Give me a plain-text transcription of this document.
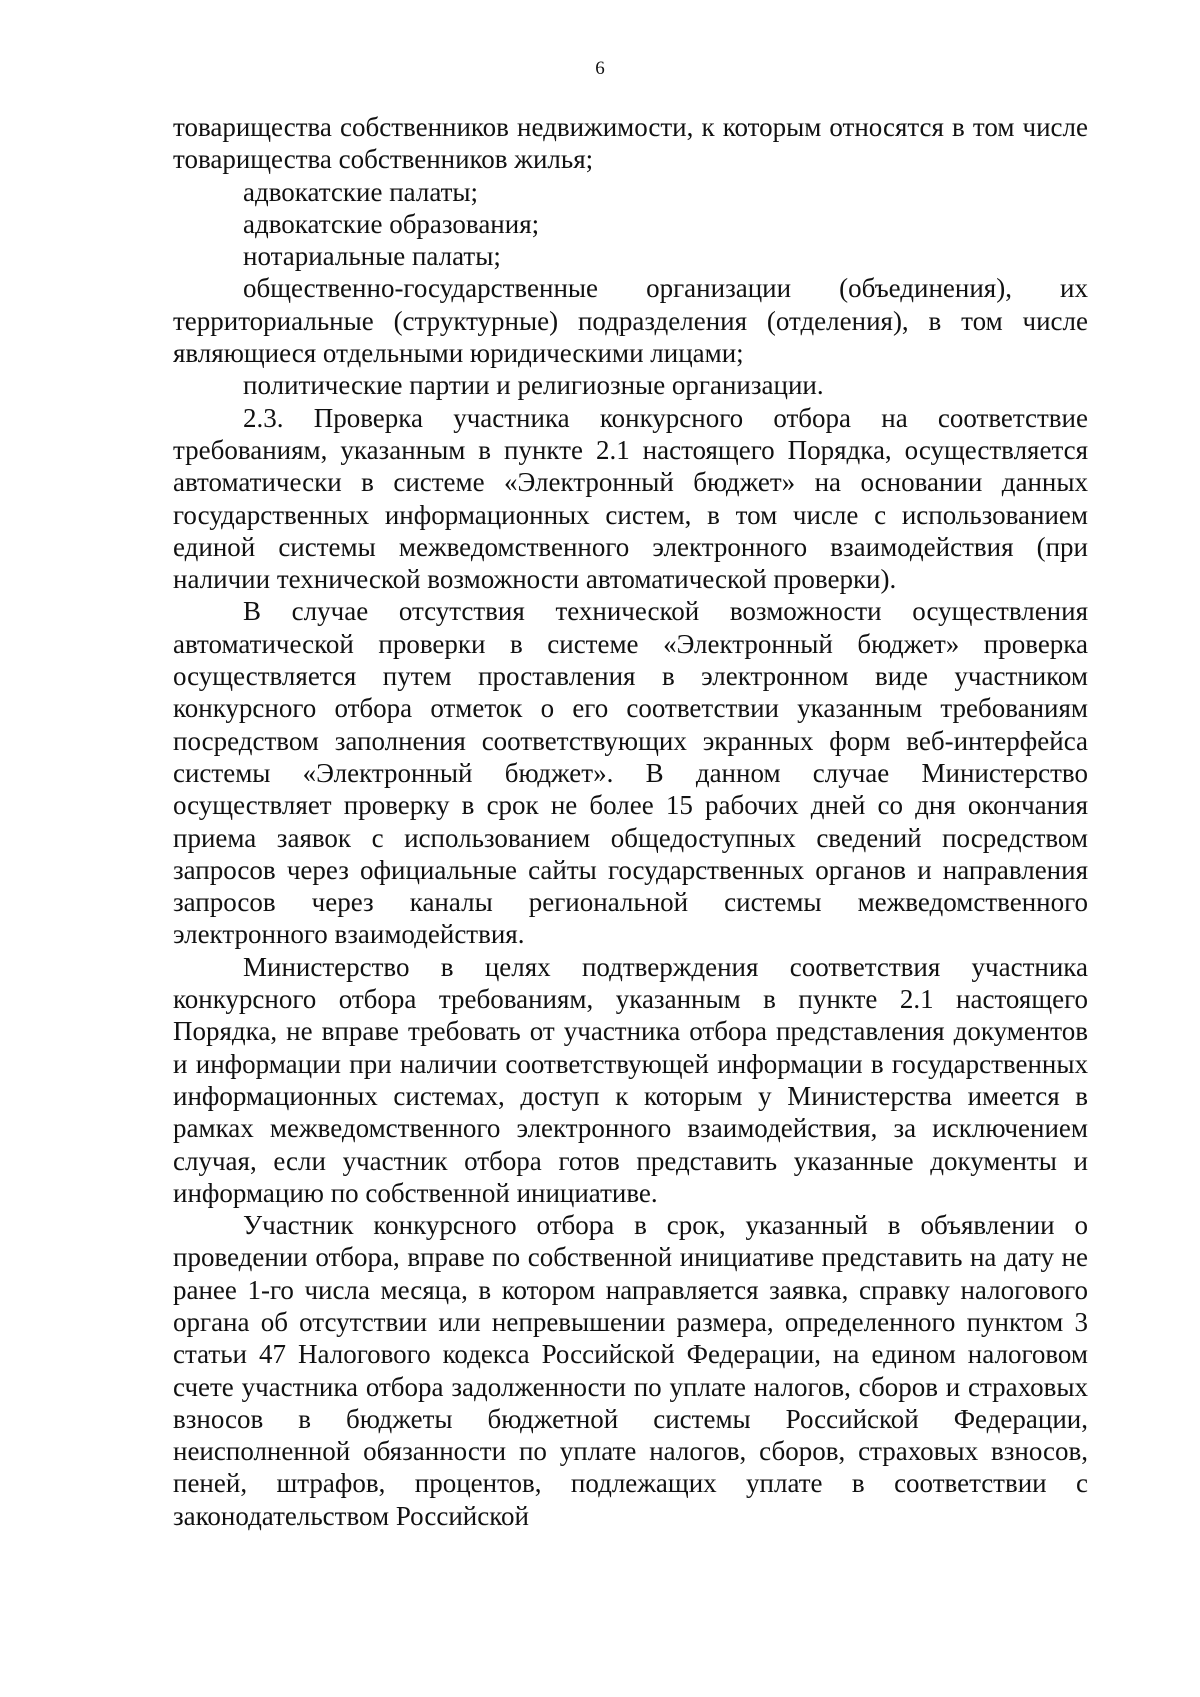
6

товарищества собственников недвижимости, к которым относятся в том числе товарищества собственников жилья;

адвокатские палаты;

адвокатские образования;

нотариальные палаты;

общественно-государственные организации (объединения), их территориальные (структурные) подразделения (отделения), в том числе являющиеся отдельными юридическими лицами;

политические партии и религиозные организации.

2.3. Проверка участника конкурсного отбора на соответствие требованиям, указанным в пункте 2.1 настоящего Порядка, осуществляется автоматически в системе «Электронный бюджет» на основании данных государственных информационных систем, в том числе с использованием единой системы межведомственного электронного взаимодействия (при наличии технической возможности автоматической проверки).

В случае отсутствия технической возможности осуществления автоматической проверки в системе «Электронный бюджет» проверка осуществляется путем проставления в электронном виде участником конкурсного отбора отметок о его соответствии указанным требованиям посредством заполнения соответствующих экранных форм веб-интерфейса системы «Электронный бюджет». В данном случае Министерство осуществляет проверку в срок не более 15 рабочих дней со дня окончания приема заявок с использованием общедоступных сведений посредством запросов через официальные сайты государственных органов и направления запросов через каналы региональной системы межведомственного электронного взаимодействия.

Министерство в целях подтверждения соответствия участника конкурсного отбора требованиям, указанным в пункте 2.1 настоящего Порядка, не вправе требовать от участника отбора представления документов и информации при наличии соответствующей информации в государственных информационных системах, доступ к которым у Министерства имеется в рамках межведомственного электронного взаимодействия, за исключением случая, если участник отбора готов представить указанные документы и информацию по собственной инициативе.

Участник конкурсного отбора в срок, указанный в объявлении о проведении отбора, вправе по собственной инициативе представить на дату не ранее 1-го числа месяца, в котором направляется заявка, справку налогового органа об отсутствии или непревышении размера, определенного пунктом 3 статьи 47 Налогового кодекса Российской Федерации, на едином налоговом счете участника отбора задолженности по уплате налогов, сборов и страховых взносов в бюджеты бюджетной системы Российской Федерации, неисполненной обязанности по уплате налогов, сборов, страховых взносов, пеней, штрафов, процентов, подлежащих уплате в соответствии с законодательством Российской
